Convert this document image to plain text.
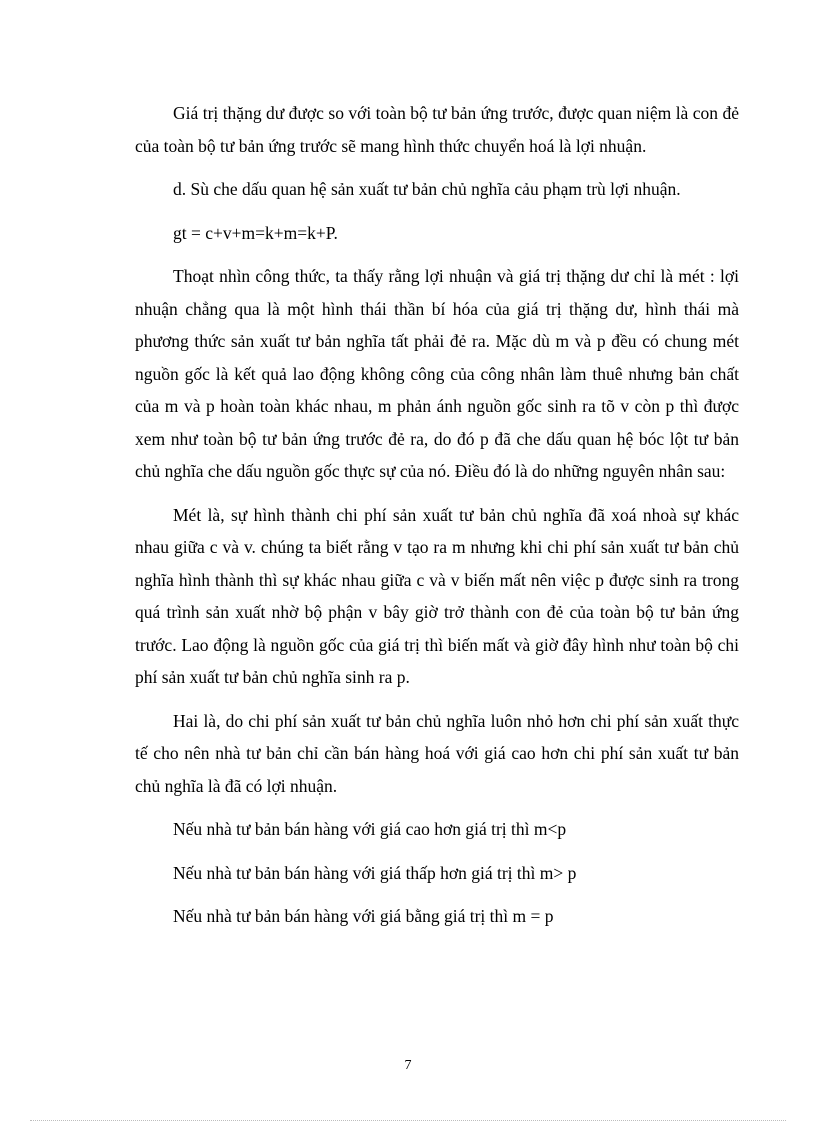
Giá trị thặng dư được so với toàn bộ tư bản ứng trước, được quan niệm là con đẻ của toàn bộ tư bản ứng trước sẽ mang hình thức chuyển hoá là lợi nhuận.

d. Sù che dấu quan hệ sản xuất tư bản chủ nghĩa cảu phạm trù lợi nhuận.

gt = c+v+m=k+m=k+P.

Thoạt nhìn công thức, ta thấy rằng lợi nhuận và giá trị thặng dư chỉ là mét : lợi nhuận chẳng qua là một hình thái thần bí hóa của giá trị thặng dư, hình thái mà phương thức sản xuất tư bản nghĩa tất phải đẻ ra. Mặc dù m và p đều có chung mét nguồn gốc là kết quả lao động không công của công nhân làm thuê nhưng bản chất của m và p hoàn toàn khác nhau, m phản ánh nguồn gốc sinh ra tõ v còn p thì được xem như toàn bộ tư bản ứng trước đẻ ra, do đó p đã che dấu quan hệ bóc lột tư bản chủ nghĩa che dấu nguồn gốc thực sự của nó. Điều đó là do những nguyên nhân sau:

Mét là, sự hình thành chi phí sản xuất tư bản chủ nghĩa đã xoá nhoà sự khác nhau giữa c và v. chúng ta biết rằng v tạo ra m nhưng khi chi phí sản xuất tư bản chủ nghĩa hình thành thì sự khác nhau giữa c và v biến mất nên việc p được sinh ra trong quá trình sản xuất nhờ bộ phận v bây giờ trở thành con đẻ của toàn bộ tư bản ứng trước. Lao động là nguồn gốc của giá trị thì biến mất và giờ đây hình như toàn bộ chi phí sản xuất tư bản chủ nghĩa sinh ra p.

Hai là, do chi phí sản xuất tư bản chủ nghĩa luôn nhỏ hơn chi phí sản xuất thực tế cho nên nhà tư bản chỉ cần bán hàng hoá với giá cao hơn chi phí sản xuất tư bản chủ nghĩa là đã có lợi nhuận.

Nếu nhà tư bản bán hàng với giá cao hơn giá trị thì m<p

Nếu nhà tư bản bán hàng với giá thấp hơn giá trị thì m> p

Nếu nhà tư bản bán hàng với giá bằng giá trị thì m = p

7
